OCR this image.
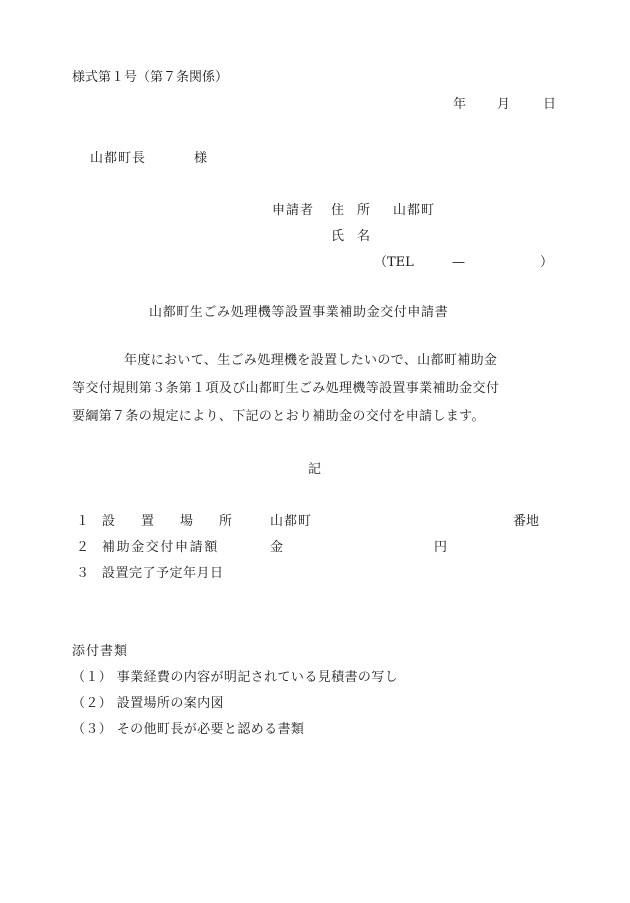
様式第１号（第７条関係）
年 月	日
山都町長	様
申請者 住　所 山都町
氏　名
（TEL	—	）
山都町生ごみ処理機等設置事業補助金交付申請書
年度において、生ごみ処理機を設置したいので、山都町補助金
等交付規則第３条第１項及び山都町生ごみ処理機等設置事業補助金交付
要綱第７条の規定により、下記のとおり補助金の交付を申請します。
記
１ 設　　置　　場　　所	山都町	番地
２ 補助金交付申請額	金	円
３ 設置完了予定年月日
添付書類
（１） 事業経費の内容が明記されている見積書の写し
（２） 設置場所の案内図
（３） その他町長が必要と認める書類
